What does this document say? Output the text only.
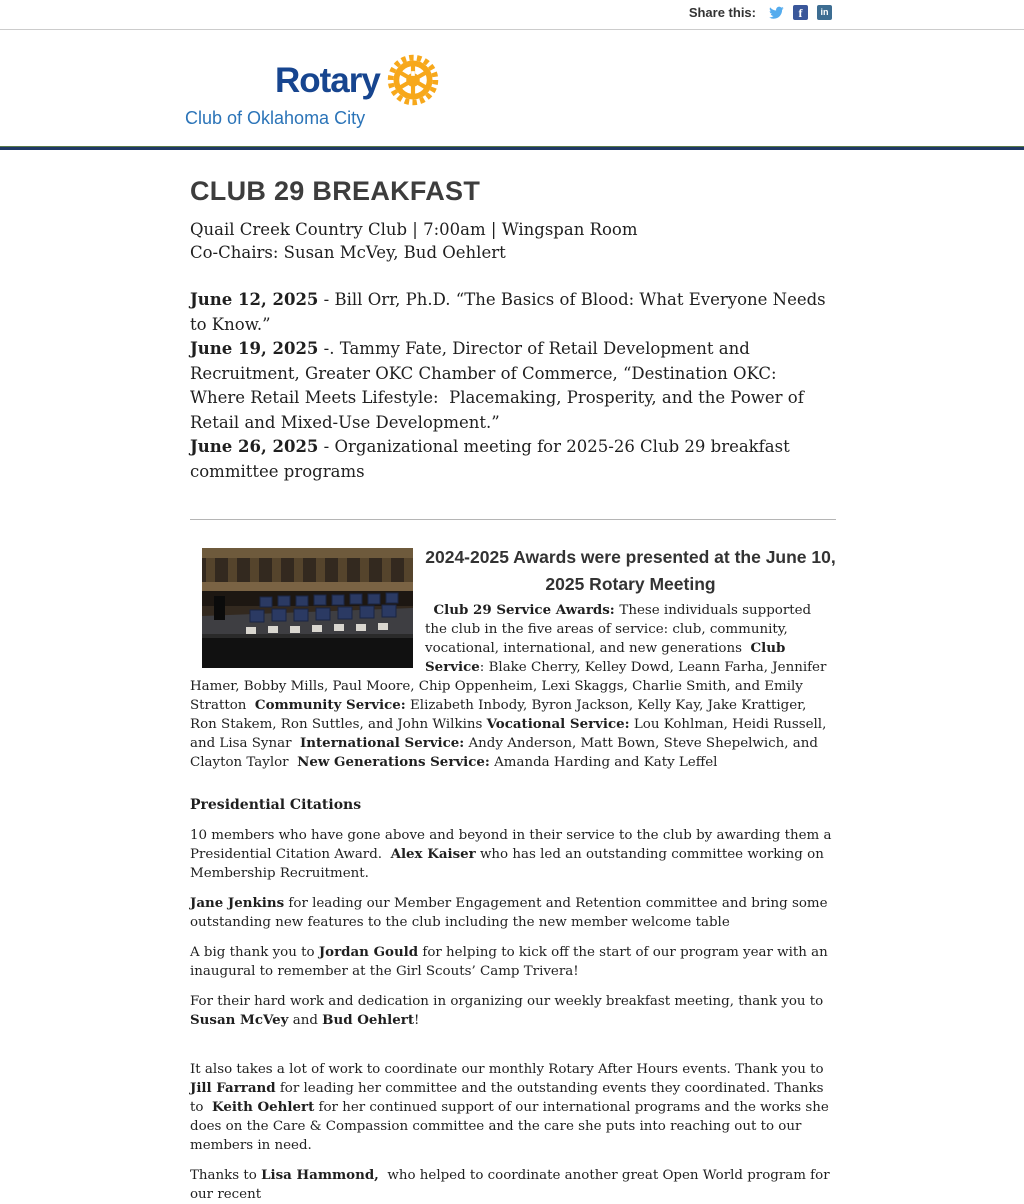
Share this:	f	in
Rotary
Club of Oklahoma City
CLUB 29 BREAKFAST
Quail Creek Country Club | 7:00am | Wingspan Room
Co-Chairs: Susan McVey, Bud Oehlert
June 12, 2025 - Bill Orr, Ph.D. “The Basics of Blood: What Everyone Needs to Know.”
June 19, 2025 -. Tammy Fate, Director of Retail Development and Recruitment, Greater OKC Chamber of Commerce, “Destination OKC: Where Retail Meets Lifestyle:  Placemaking, Prosperity, and the Power of Retail and Mixed-Use Development.”
June 26, 2025 - Organizational meeting for 2025-26 Club 29 breakfast committee programs
2024-2025 Awards were presented at the June 10, 2025 Rotary Meeting
Club 29 Service Awards: These individuals supported the club in the five areas of service: club, community, vocational, international, and new generations  Club Service: Blake Cherry, Kelley Dowd, Leann Farha, Jennifer Hamer, Bobby Mills, Paul Moore, Chip Oppenheim, Lexi Skaggs, Charlie Smith, and Emily Stratton  Community Service: Elizabeth Inbody, Byron Jackson, Kelly Kay, Jake Krattiger, Ron Stakem, Ron Suttles, and John Wilkins Vocational Service: Lou Kohlman, Heidi Russell, and Lisa Synar  International Service: Andy Anderson, Matt Bown, Steve Shepelwich, and Clayton Taylor  New Generations Service: Amanda Harding and Katy Leffel
Presidential Citations

10 members who have gone above and beyond in their service to the club by awarding them a Presidential Citation Award.  Alex Kaiser who has led an outstanding committee working on Membership Recruitment.

Jane Jenkins for leading our Member Engagement and Retention committee and bring some outstanding new features to the club including the new member welcome table

A big thank you to Jordan Gould for helping to kick off the start of our program year with an inaugural to remember at the Girl Scouts’ Camp Trivera!

For their hard work and dedication in organizing our weekly breakfast meeting, thank you to Susan McVey and Bud Oehlert!

It also takes a lot of work to coordinate our monthly Rotary After Hours events. Thank you to Jill Farrand for leading her committee and the outstanding events they coordinated. Thanks to  Keith Oehlert for her continued support of our international programs and the works she does on the Care & Compassion committee and the care she puts into reaching out to our members in need.

Thanks to Lisa Hammond,  who helped to coordinate another great Open World program for our recent
